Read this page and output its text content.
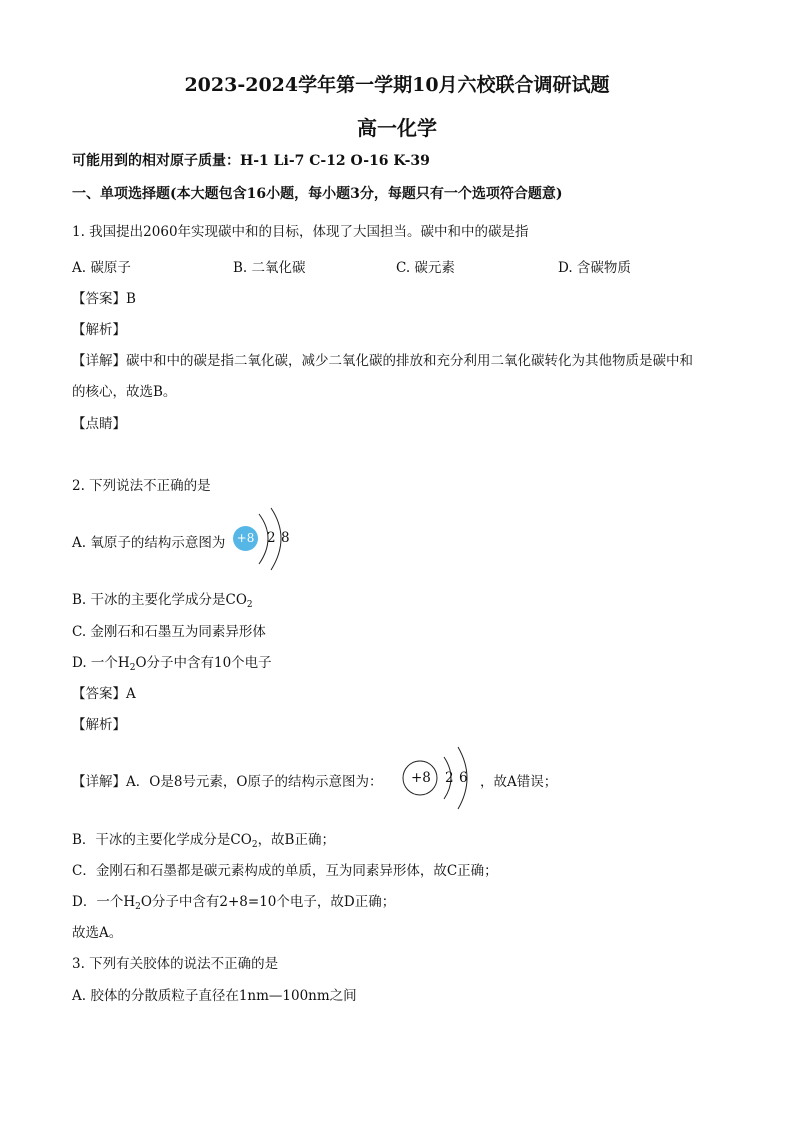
2023-2024学年第一学期10月六校联合调研试题
高一化学
可能用到的相对原子质量：H-1 Li-7 C-12 O-16 K-39
一、单项选择题(本大题包含16小题，每小题3分，每题只有一个选项符合题意)
1. 我国提出2060年实现碳中和的目标，体现了大国担当。碳中和中的碳是指
A. 碳原子	B. 二氧化碳	C. 碳元素	D. 含碳物质
【答案】B
【解析】
【详解】碳中和中的碳是指二氧化碳，减少二氧化碳的排放和充分利用二氧化碳转化为其他物质是碳中和
的核心，故选B。
【点睛】
2. 下列说法不正确的是
A. 氧原子的结构示意图为 +8 2 8
B. 干冰的主要化学成分是$CO_2$
C. 金刚石和石墨互为同素异形体
D. 一个$H_2O$分子中含有10个电子
【答案】A
【解析】
【详解】A．O是8号元素，O原子的结构示意图为： +8 2 6 ，故A错误；
B．干冰的主要化学成分是$CO_2$，故B正确；
C．金刚石和石墨都是碳元素构成的单质，互为同素异形体，故C正确；
D．一个$H_2O$分子中含有2+8=10个电子，故D正确；
故选A。
3. 下列有关胶体的说法不正确的是
A. 胶体的分散质粒子直径在1nm—100nm之间
